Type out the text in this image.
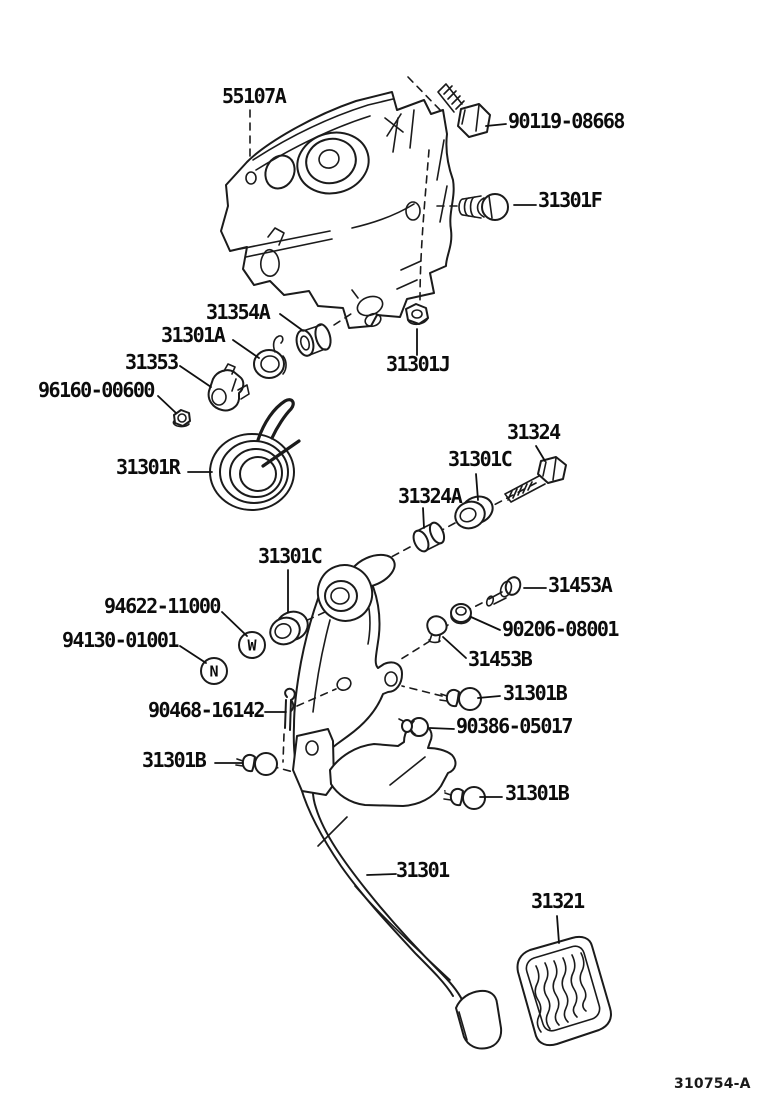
W
N
55107A
90119-08668
31301F
31354A
31301A
31353
96160-00600
31301R
31301J
31324
31301C
31324A
31301C
94622-11000
94130-01001
31453A
90206-08001
31453B
31301B
90468-16142
90386-05017
31301B
31301B
31301
31321
310754-A
